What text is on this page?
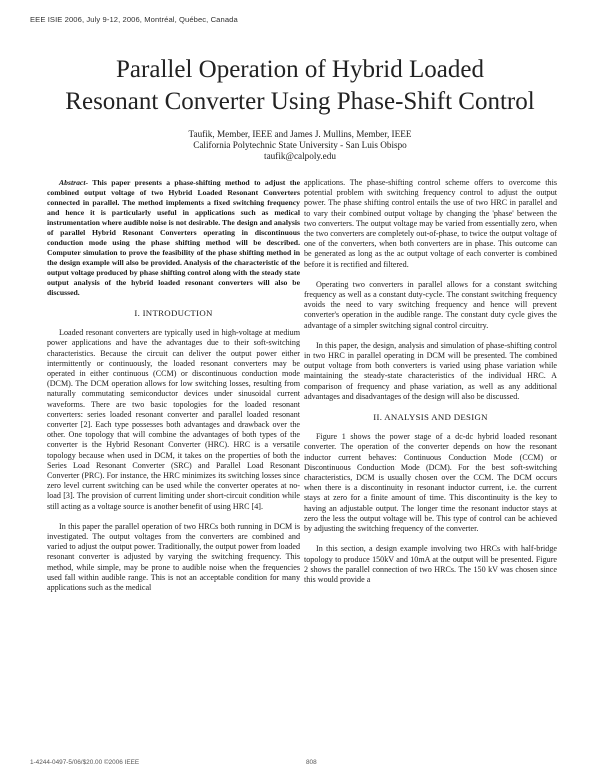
EEE ISIE 2006, July 9-12, 2006, Montréal, Québec, Canada
Parallel Operation of Hybrid Loaded
Resonant Converter Using Phase-Shift Control
Taufik, Member, IEEE and James J. Mullins, Member, IEEE
California Polytechnic State University - San Luis Obispo
taufik@calpoly.edu

Abstract- This paper presents a phase-shifting method to adjust the combined output voltage of two Hybrid Loaded Resonant Converters connected in parallel. The method implements a fixed switching frequency and hence it is particularly useful in applications such as medical instrumentation where audible noise is not desirable. The design and analysis of parallel Hybrid Resonant Converters operating in discontinuous conduction mode using the phase shifting method will be described. Computer simulation to prove the feasibility of the phase shifting method in the design example will also be provided. Analysis of the characteristic of the output voltage produced by phase shifting control along with the steady state output analysis of the hybrid loaded resonant converters will also be discussed.

I. INTRODUCTION

Loaded resonant converters are typically used in high-voltage at medium power applications and have the advantages due to their soft-switching characteristics. Because the circuit can deliver the output power either intermittently or continuously, the loaded resonant converters may be operated in either continuous (CCM) or discontinuous conduction mode (DCM). The DCM operation allows for low switching losses, resulting from naturally commutating semiconductor devices under sinusoidal current waveforms. There are two basic topologies for the loaded resonant converters: series loaded resonant converter and parallel loaded resonant converter [2]. Each type possesses both advantages and drawback over the other. One topology that will combine the advantages of both types of the converter is the Hybrid Resonant Converter (HRC). HRC is a versatile topology because when used in DCM, it takes on the properties of both the Series Load Resonant Converter (SRC) and Parallel Load Resonant Converter (PRC). For instance, the HRC minimizes its switching losses since zero level current switching can be used while the converter operates at no-load [3]. The provision of current limiting under short-circuit condition while still acting as a voltage source is another benefit of using HRC [4].

In this paper the parallel operation of two HRCs both running in DCM is investigated. The output voltages from the converters are combined and varied to adjust the output power. Traditionally, the output power from loaded resonant converter is adjusted by varying the switching frequency. This method, while simple, may be prone to audible noise when the frequencies used fall within audible range. This is not an acceptable condition for many applications such as the medical

applications. The phase-shifting control scheme offers to overcome this potential problem with switching frequency control to adjust the output power. The phase shifting control entails the use of two HRC in parallel and to vary their combined output voltage by changing the 'phase' between the two converters. The output voltage may be varied from essentially zero, when the two converters are completely out-of-phase, to twice the output voltage of one of the converters, when both converters are in phase. This outcome can be generated as long as the ac output voltage of each converter is combined before it is rectified and filtered.

Operating two converters in parallel allows for a constant switching frequency as well as a constant duty-cycle. The constant switching frequency avoids the need to vary switching frequency and hence will prevent converter's operation in the audible range. The constant duty cycle gives the advantage of a simpler switching signal control circuitry.

In this paper, the design, analysis and simulation of phase-shifting control in two HRC in parallel operating in DCM will be presented. The combined output voltage from both converters is varied using phase variation while maintaining the steady-state characteristics of the individual HRC. A comparison of frequency and phase variation, as well as any additional advantages and disadvantages of the design will also be discussed.

II. ANALYSIS AND DESIGN

Figure 1 shows the power stage of a dc-dc hybrid loaded resonant converter. The operation of the converter depends on how the resonant inductor current behaves: Continuous Conduction Mode (CCM) or Discontinuous Conduction Mode (DCM). For the best soft-switching characteristics, DCM is usually chosen over the CCM. The DCM occurs when there is a discontinuity in resonant inductor current, i.e. the current stays at zero for a finite amount of time. This discontinuity is the key to having an adjustable output. The longer time the resonant inductor stays at zero the less the output voltage will be. This type of control can be achieved by adjusting the switching frequency of the converter.

In this section, a design example involving two HRCs with half-bridge topology to produce 150kV and 10mA at the output will be presented. Figure 2 shows the parallel connection of two HRCs. The 150 kV was chosen since this would provide a

1-4244-0497-5/06/$20.00 ©2006 IEEE	808
